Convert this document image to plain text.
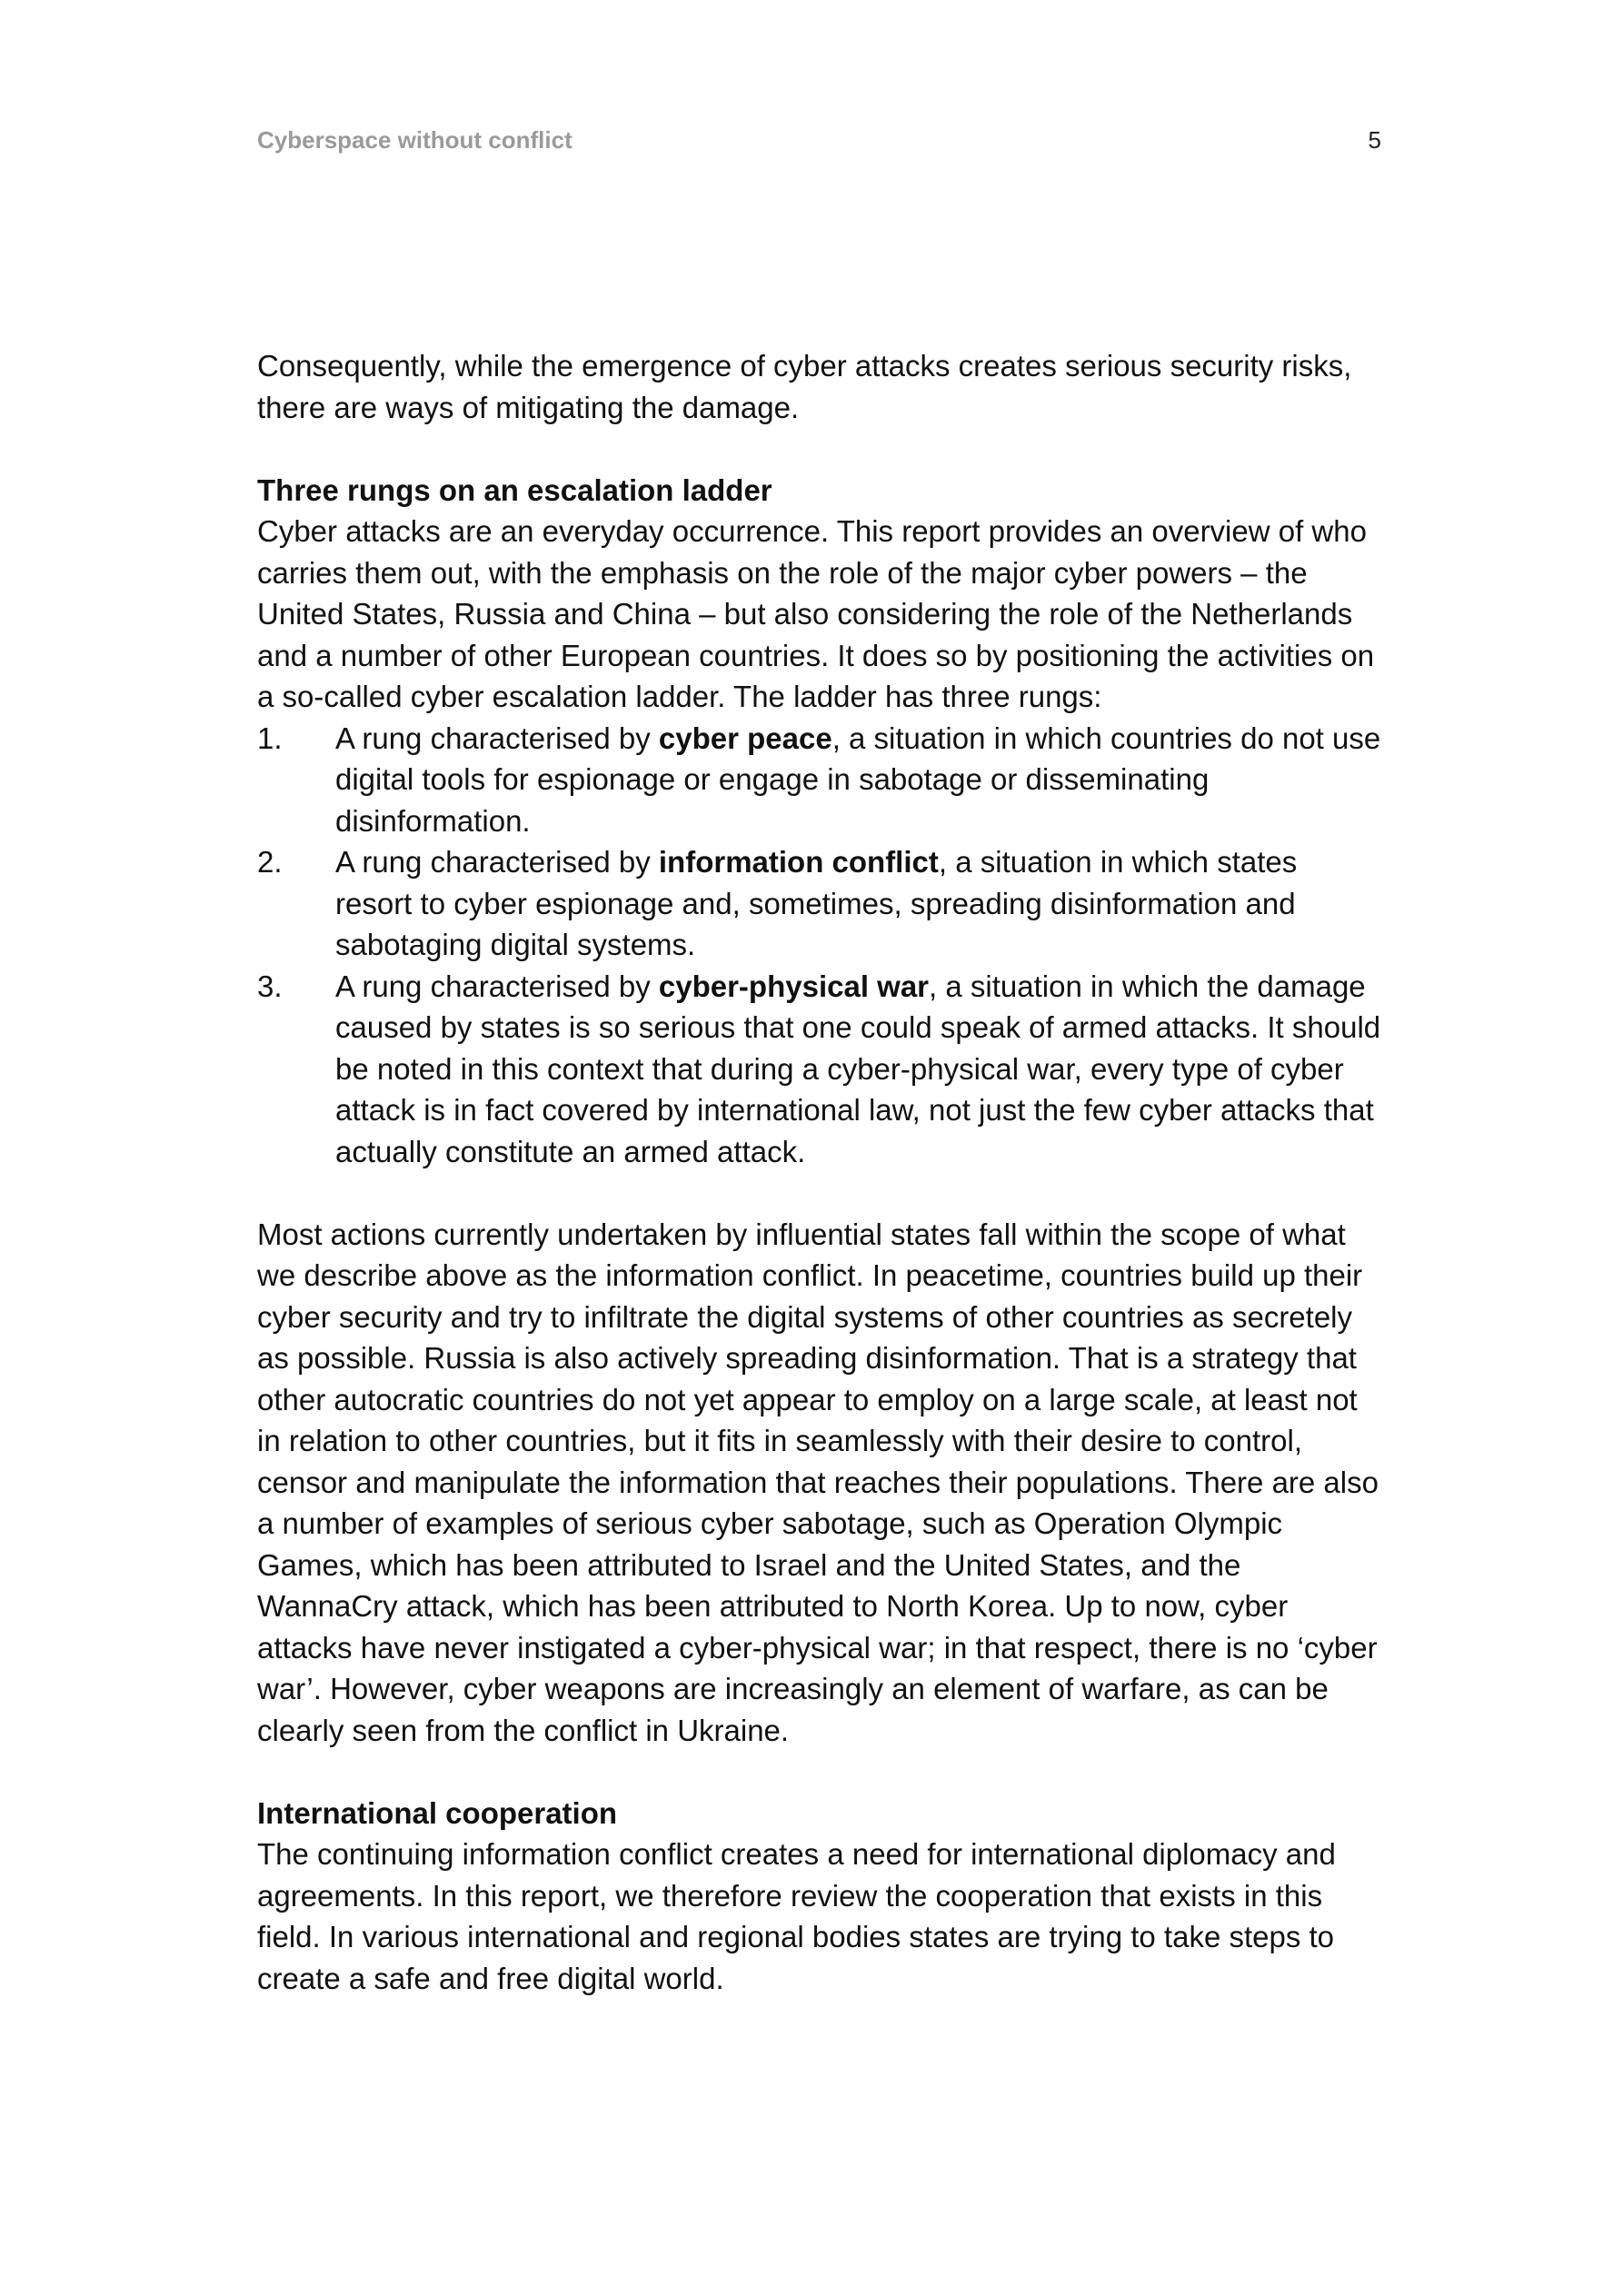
Cyberspace without conflict	5

Consequently, while the emergence of cyber attacks creates serious security risks, there are ways of mitigating the damage.

Three rungs on an escalation ladder

Cyber attacks are an everyday occurrence. This report provides an overview of who carries them out, with the emphasis on the role of the major cyber powers – the United States, Russia and China – but also considering the role of the Netherlands and a number of other European countries. It does so by positioning the activities on a so-called cyber escalation ladder. The ladder has three rungs:

1. A rung characterised by cyber peace, a situation in which countries do not use digital tools for espionage or engage in sabotage or disseminating disinformation.
2. A rung characterised by information conflict, a situation in which states resort to cyber espionage and, sometimes, spreading disinformation and sabotaging digital systems.
3. A rung characterised by cyber-physical war, a situation in which the damage caused by states is so serious that one could speak of armed attacks. It should be noted in this context that during a cyber-physical war, every type of cyber attack is in fact covered by international law, not just the few cyber attacks that actually constitute an armed attack.

Most actions currently undertaken by influential states fall within the scope of what we describe above as the information conflict. In peacetime, countries build up their cyber security and try to infiltrate the digital systems of other countries as secretely as possible. Russia is also actively spreading disinformation. That is a strategy that other autocratic countries do not yet appear to employ on a large scale, at least not in relation to other countries, but it fits in seamlessly with their desire to control, censor and manipulate the information that reaches their populations. There are also a number of examples of serious cyber sabotage, such as Operation Olympic Games, which has been attributed to Israel and the United States, and the WannaCry attack, which has been attributed to North Korea. Up to now, cyber attacks have never instigated a cyber-physical war; in that respect, there is no ‘cyber war’. However, cyber weapons are increasingly an element of warfare, as can be clearly seen from the conflict in Ukraine.

International cooperation

The continuing information conflict creates a need for international diplomacy and agreements. In this report, we therefore review the cooperation that exists in this field. In various international and regional bodies states are trying to take steps to create a safe and free digital world.
